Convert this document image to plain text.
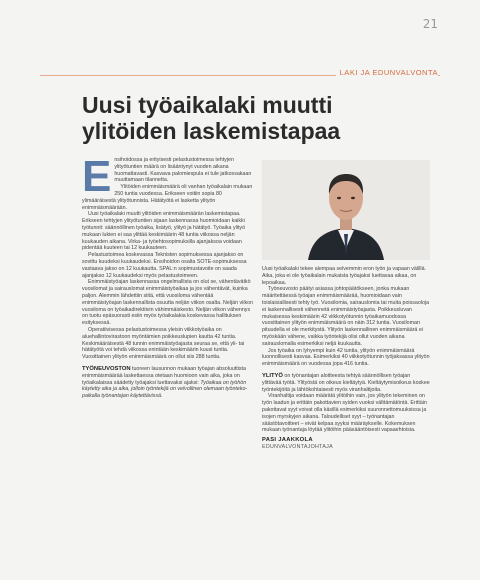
21
LAKI JA EDUNVALVONTA
Uusi työaikalaki muutti ylitöiden laskemistapaa

Ensihoidossa ja erityisesti pelastustoimessa tehtyjen ylityötuntien määrä on lisääntynyt vuoden aikana huomattavasti. Kasvava palomiespula ei tule jatkossakaan muuttamaan tilannetta.

Ylitöiden enimmäismäärä oli vanhan työaikalain mukaan 250 tuntia vuodessa. Erikseen voitiin sopia 80 ylimääräisestä ylityötunnista. Hätätyötä ei lasketta ylityön enimmäismäärään.

Uusi työaikalaki muutti ylitöiden enimmäismäärän laskemistapaa. Erikseen tehtyjen ylityötuntien sijaan laskennassa huomioidaan kaikki työtunnit: säännöllinen työaika, lisätyö, ylityö ja hätätyö. Työaika ylityö mukaan lukien ei saa ylittää keskimäärin 48 tuntia viikossa neljän kuukauden aikana. Virka- ja työehtosopimuksilla ajanjaksoa voidaan pidentää kuuteen tai 12 kuukauteen.

Pelastustoimea koskevassa Teknisten sopimuksessa ajanjakso on sovittu kuudeksi kuukaudeksi. Ensihoidon osalta SOTE-sopimuksessa vastaava jakso on 12 kuukautta. SPAL:n sopimustavoite on saada ajanjakso 12 kuukaudeksi myös pelastustoimeen.

Enimmäistyöajan laskennassa ongelmallista on olut se, vähentävätkö vuosilomat ja sairauslomat enimmäistyöaikaa ja jos vähentävät, kuinka paljon. Alemmin lähdettiin siitä, että vuosiloma vähentää enimmäistyöajan laskennallista osuutta neljän viikon osalta. Neljän viikon vuosiloma on työaikadirektiivin vähimmäiskesto. Neljän viikon vähennys on tuotu epäsuorasti esiin myös työaikalakia koskevassa hallituksen esityksessä.

Operatiivisessa pelastustoimessa yleisin viikkotyöaika on aluehallintovirastoon myöntämien poikkeuslupien kautta 42 tuntia. Keskimääräisestä 48 tunnin enimmäistyöajasta seuraa se, että yli- tai hätätyötä voi tehdä viikossa enintään keskimäärin kuusi tuntia. Vuosittainen ylityön enimmäismäärä on ollut siis 288 tuntia.

TYÖNEUVOSTON tuoreen lausunnon mukaan työajan absoluuttista enimmäismäärää laskettaessa otetaan huomioon vain aika, joka on työaikalaissa säädetty työajaksi luettavaksi ajaksi: Työaikaa on työhön käytetty aika ja aika, jolloin työntekijä on velvollinen olemaan työntekopaikalla työnantajan käytettävissä.

Uusi työaikalaki tekee alempaa selvemmin eron työn ja vapaan välillä. Aika, joka ei ole työaikalain mukaista työajaksi luettavaa aikaa, on lepoaikaa.

Työneuvosto päätyi asiassa johtopäätökseen, jonka mukaan määritettäessä työajan enimmäismäärää, huomioidaan vain toislaisiallisesti tehty työ. Vuosilomia, sairauslomia tai muita poissaoloja ei laskennallisesti vähennetä enimmäistyöajasta. Poikkeusluvan mukaisessa keskimäärin 42 viikkotyötunnin työaikamuodossa vuosittainen ylityön enimmäismäärä on näin 312 tuntia. Vuosiloman pituudella ei ole merkitystä. Ylityön laskennallinen enimmäismäärä ei myöskään vähene, vaikka työntekijä olisi ollut vuoden aikana sairauslomalla esimerkiksi neljä kuukautta.

Jos työaika on lyhyempi kuin 42 tuntia, ylityön enimmäismäärä luonnollisesti kasvaa. Esimerkiksi 40 viikkotyötunnin työjaksassa ylityön enimmäismäärä on vuodessa jopa 416 tuntia.

YLITYÖ on työnantajan aloitteesta tehtyä säännöllisen työajan ylittävää työtä. Ylityöstä on oikeus kieltäytyä. Kieltäytymisoikeus koskee työntekijöitä ja lähtökohtaisesti myös viranhaltijoita.

Viranhaltija voidaan määrätä ylitöihin vain, jos ylityön tekeminen on työn laadun ja erittäin pakottavien syiden vuoksi välttämätöntä. Erittäin pakottavat syyt voivat olla käsillä esimerkiksi suuronnettomuuksissa ja isojen myrskyjen aikana. Taloudelliset syyt – työnantajan säästötavoitteet – eivät kelpaa syyksi määräykselle. Kokemuksen mukaan työnantaja löytää ylitöihin pääsääntöisesti vapaaehtoisia.

PASI JAAKKOLA
EDUNVALVONTAJOHTAJA
